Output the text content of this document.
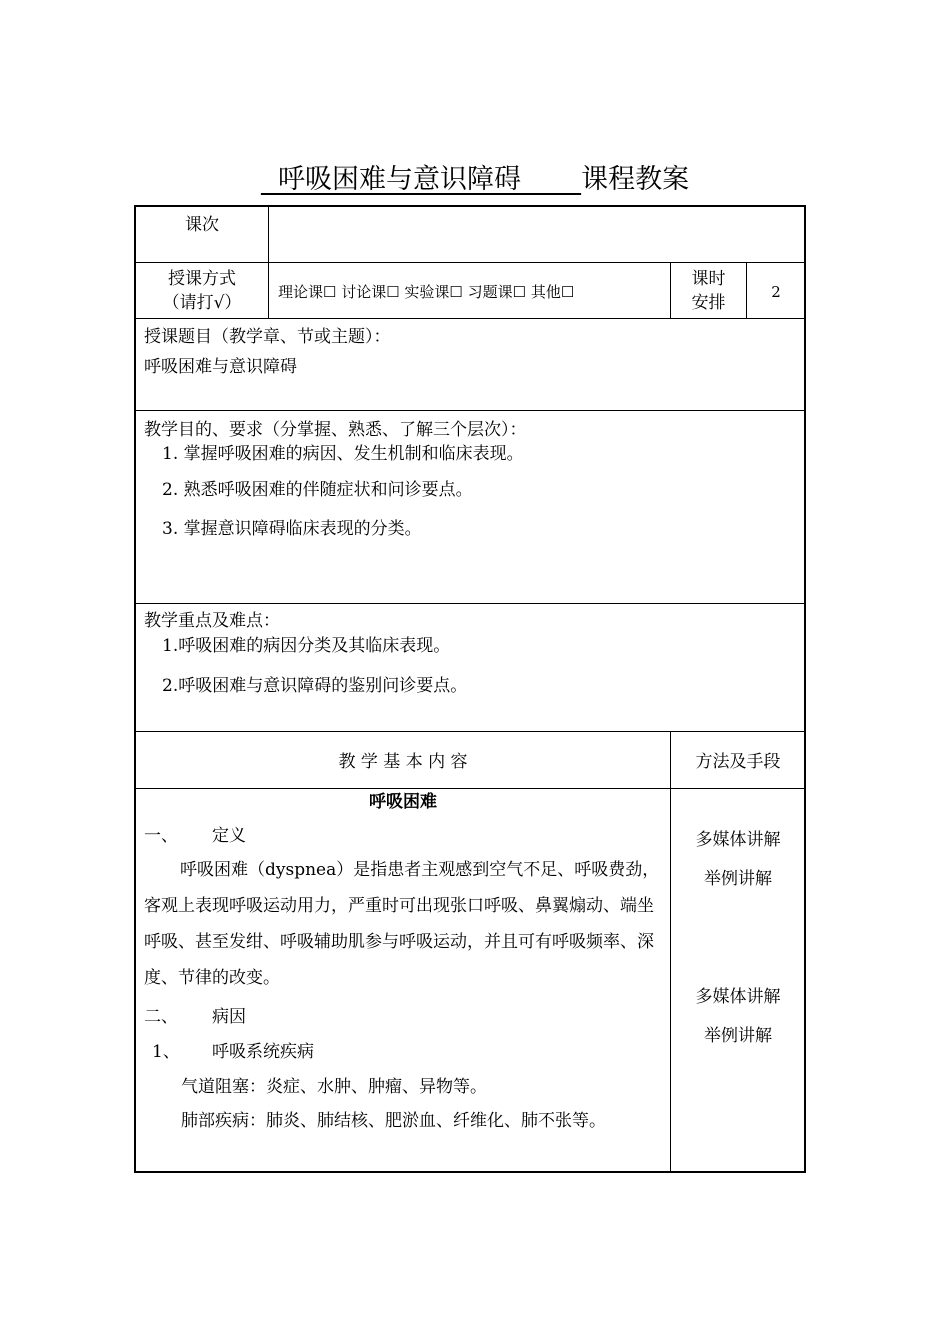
呼吸困难与意识障碍       课程教案
课次
授课方式
（请打√）
理论课☐ 讨论课☐ 实验课☐ 习题课☐ 其他☐
课时
安排
2
授课题目（教学章、节或主题）：
呼吸困难与意识障碍
教学目的、要求（分掌握、熟悉、了解三个层次）：
1. 掌握呼吸困难的病因、发生机制和临床表现。
2. 熟悉呼吸困难的伴随症状和问诊要点。
3. 掌握意识障碍临床表现的分类。
教学重点及难点：
1.呼吸困难的病因分类及其临床表现。
2.呼吸困难与意识障碍的鉴别问诊要点。
教 学 基 本 内 容	方法及手段
呼吸困难
一、 定义
呼吸困难（dyspnea）是指患者主观感到空气不足、呼吸费劲，客观上表现呼吸运动用力，严重时可出现张口呼吸、鼻翼煽动、端坐呼吸、甚至发绀、呼吸辅助肌参与呼吸运动，并且可有呼吸频率、深度、节律的改变。
二、 病因
1、 呼吸系统疾病
气道阻塞：炎症、水肿、肿瘤、异物等。
肺部疾病：肺炎、肺结核、肥淤血、纤维化、肺不张等。
多媒体讲解
举例讲解
多媒体讲解
举例讲解
